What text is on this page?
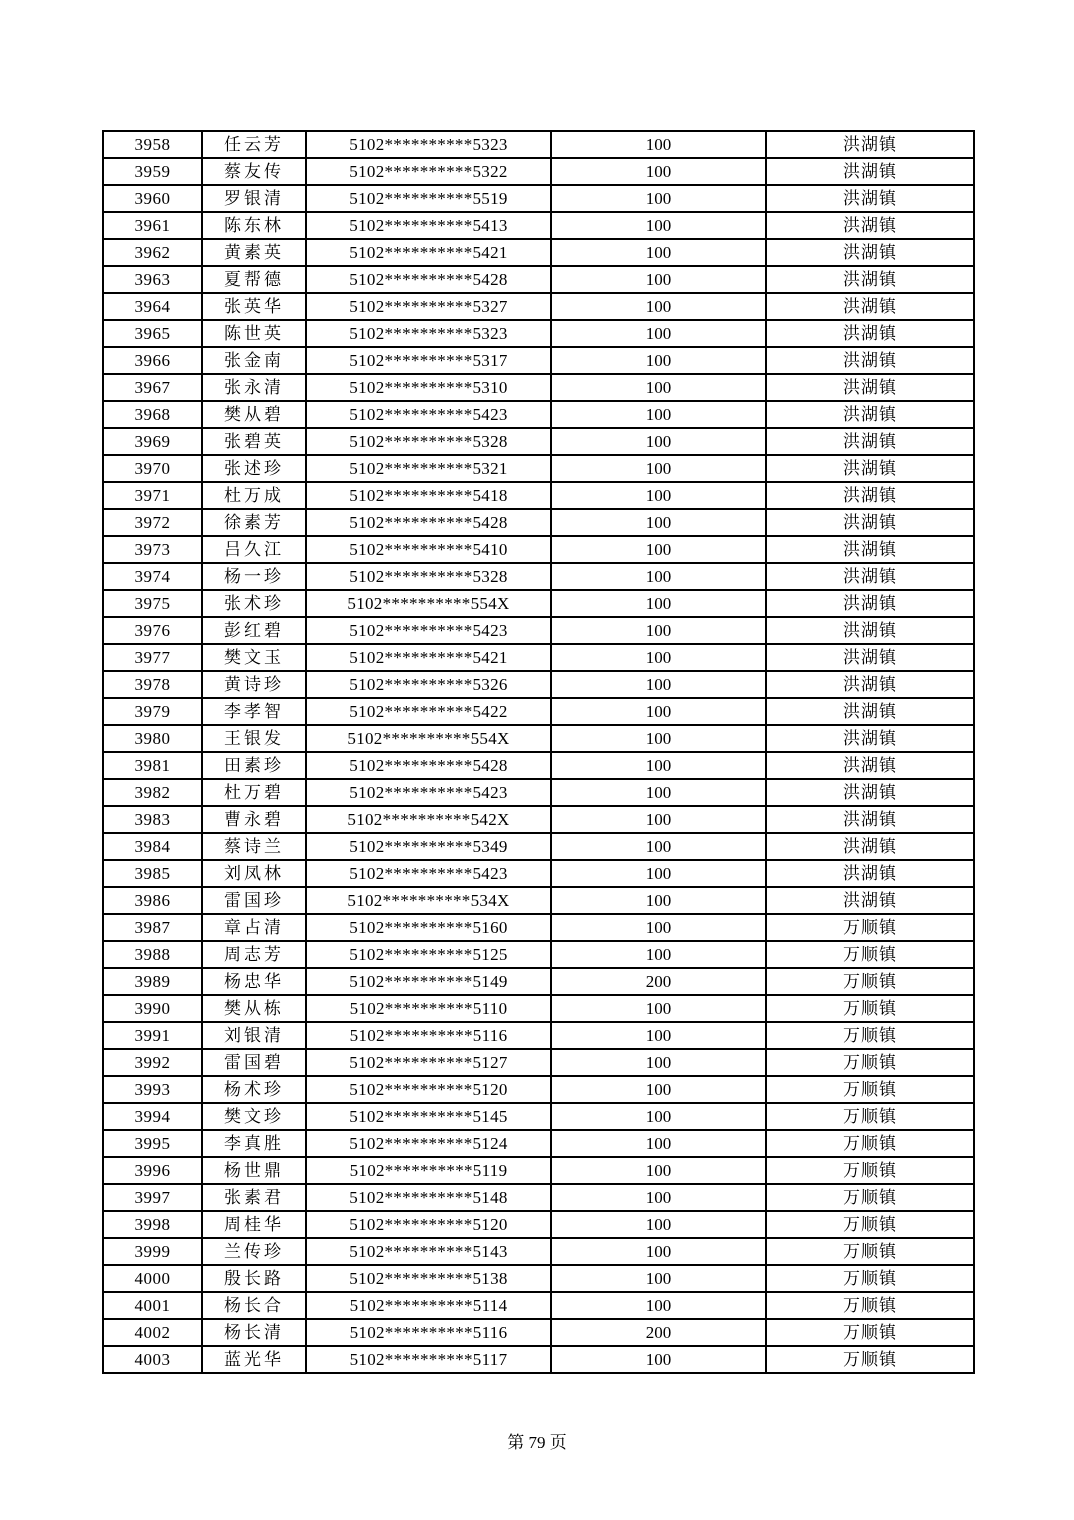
3958	任云芳	5102**********5323	100	洪湖镇
3959	蔡友传	5102**********5322	100	洪湖镇
3960	罗银清	5102**********5519	100	洪湖镇
3961	陈东林	5102**********5413	100	洪湖镇
3962	黄素英	5102**********5421	100	洪湖镇
3963	夏帮德	5102**********5428	100	洪湖镇
3964	张英华	5102**********5327	100	洪湖镇
3965	陈世英	5102**********5323	100	洪湖镇
3966	张金南	5102**********5317	100	洪湖镇
3967	张永清	5102**********5310	100	洪湖镇
3968	樊从碧	5102**********5423	100	洪湖镇
3969	张碧英	5102**********5328	100	洪湖镇
3970	张述珍	5102**********5321	100	洪湖镇
3971	杜万成	5102**********5418	100	洪湖镇
3972	徐素芳	5102**********5428	100	洪湖镇
3973	吕久江	5102**********5410	100	洪湖镇
3974	杨一珍	5102**********5328	100	洪湖镇
3975	张术珍	5102**********554X	100	洪湖镇
3976	彭红碧	5102**********5423	100	洪湖镇
3977	樊文玉	5102**********5421	100	洪湖镇
3978	黄诗珍	5102**********5326	100	洪湖镇
3979	李孝智	5102**********5422	100	洪湖镇
3980	王银发	5102**********554X	100	洪湖镇
3981	田素珍	5102**********5428	100	洪湖镇
3982	杜万碧	5102**********5423	100	洪湖镇
3983	曹永碧	5102**********542X	100	洪湖镇
3984	蔡诗兰	5102**********5349	100	洪湖镇
3985	刘凤林	5102**********5423	100	洪湖镇
3986	雷国珍	5102**********534X	100	洪湖镇
3987	章占清	5102**********5160	100	万顺镇
3988	周志芳	5102**********5125	100	万顺镇
3989	杨忠华	5102**********5149	200	万顺镇
3990	樊从栋	5102**********5110	100	万顺镇
3991	刘银清	5102**********5116	100	万顺镇
3992	雷国碧	5102**********5127	100	万顺镇
3993	杨术珍	5102**********5120	100	万顺镇
3994	樊文珍	5102**********5145	100	万顺镇
3995	李真胜	5102**********5124	100	万顺镇
3996	杨世鼎	5102**********5119	100	万顺镇
3997	张素君	5102**********5148	100	万顺镇
3998	周桂华	5102**********5120	100	万顺镇
3999	兰传珍	5102**********5143	100	万顺镇
4000	殷长路	5102**********5138	100	万顺镇
4001	杨长合	5102**********5114	100	万顺镇
4002	杨长清	5102**********5116	200	万顺镇
4003	蓝光华	5102**********5117	100	万顺镇
第 79 页
